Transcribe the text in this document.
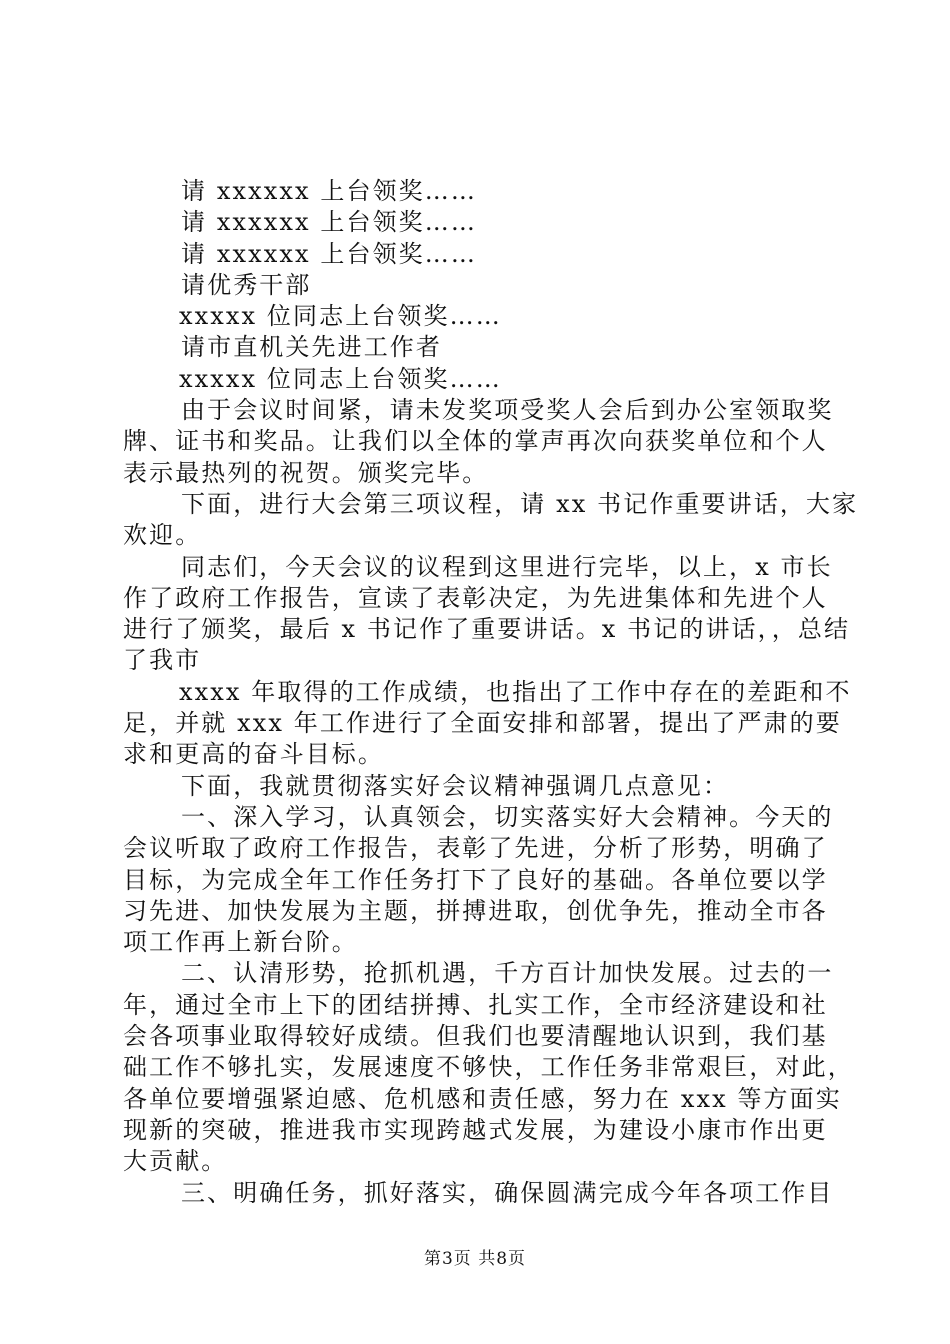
请 xxxxxx 上台领奖……
请 xxxxxx 上台领奖……
请 xxxxxx 上台领奖……
请优秀干部
xxxxx 位同志上台领奖……
请市直机关先进工作者
xxxxx 位同志上台领奖……
由于会议时间紧，请未发奖项受奖人会后到办公室领取奖
牌、证书和奖品。让我们以全体的掌声再次向获奖单位和个人
表示最热列的祝贺。颁奖完毕。
下面，进行大会第三项议程，请 xx 书记作重要讲话，大家
欢迎。
同志们，今天会议的议程到这里进行完毕，以上，x 市长
作了政府工作报告，宣读了表彰决定，为先进集体和先进个人
进行了颁奖，最后 x 书记作了重要讲话。x 书记的讲话，，总结
了我市
xxxx 年取得的工作成绩，也指出了工作中存在的差距和不
足，并就 xxx 年工作进行了全面安排和部署，提出了严肃的要
求和更高的奋斗目标。
下面，我就贯彻落实好会议精神强调几点意见：
一、深入学习，认真领会，切实落实好大会精神。今天的
会议听取了政府工作报告，表彰了先进，分析了形势，明确了
目标，为完成全年工作任务打下了良好的基础。各单位要以学
习先进、加快发展为主题，拼搏进取，创优争先，推动全市各
项工作再上新台阶。
二、认清形势，抢抓机遇，千方百计加快发展。过去的一
年，通过全市上下的团结拼搏、扎实工作，全市经济建设和社
会各项事业取得较好成绩。但我们也要清醒地认识到，我们基
础工作不够扎实，发展速度不够快，工作任务非常艰巨，对此，
各单位要增强紧迫感、危机感和责任感，努力在 xxx 等方面实
现新的突破，推进我市实现跨越式发展，为建设小康市作出更
大贡献。
三、明确任务，抓好落实，确保圆满完成今年各项工作目
第3页 共8页
